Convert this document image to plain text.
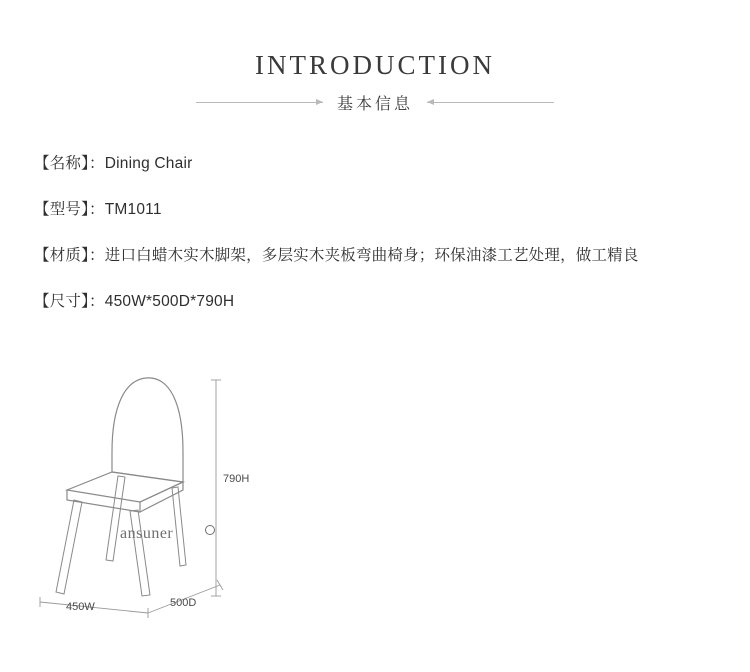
INTRODUCTION
基本信息
【名称】：Dining Chair
【型号】：TM1011
【材质】：进口白蜡木实木脚架，多层实木夹板弯曲椅身；环保油漆工艺处理，做工精良
【尺寸】：450W*500D*790H
ansuner
790H
450W	500D
